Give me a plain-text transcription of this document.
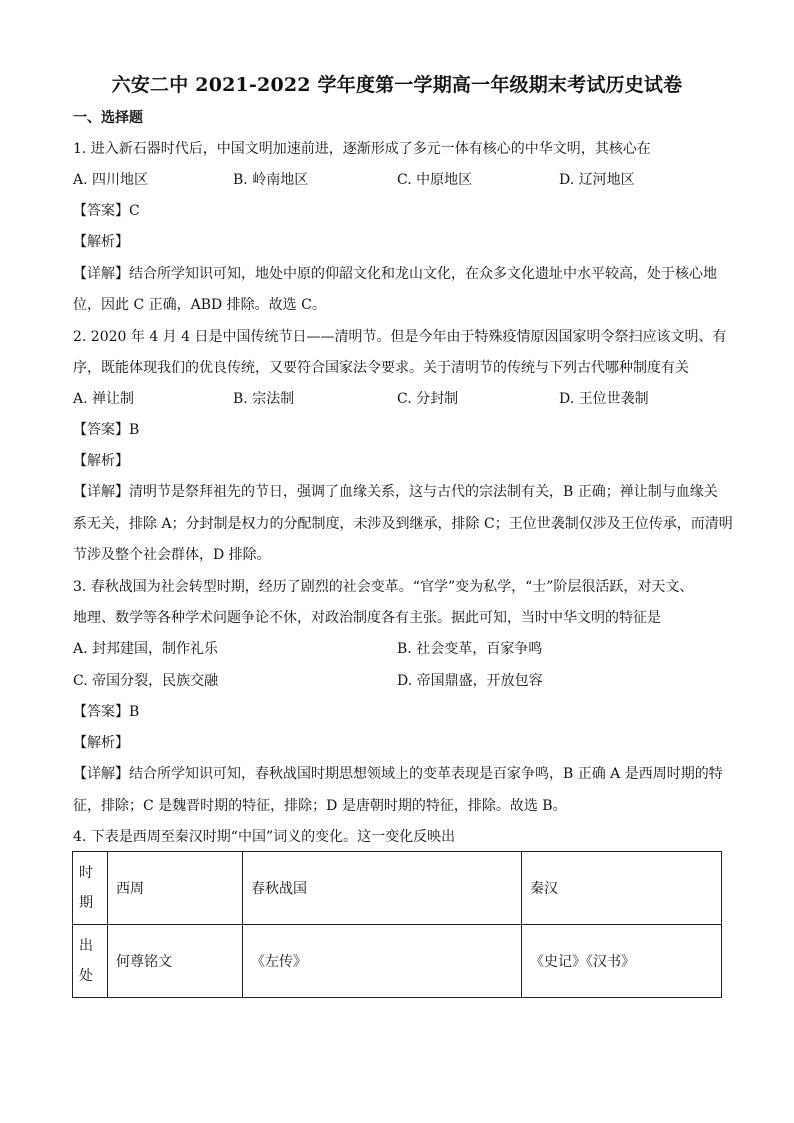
六安二中 2021-2022 学年度第一学期高一年级期末考试历史试卷
一、选择题
1. 进入新石器时代后，中国文明加速前进，逐渐形成了多元一体有核心的中华文明，其核心在
A. 四川地区	B. 岭南地区	C. 中原地区	D. 辽河地区
【答案】C
【解析】
【详解】结合所学知识可知，地处中原的仰韶文化和龙山文化，在众多文化遗址中水平较高，处于核心地
位，因此 C 正确，ABD 排除。故选 C。
2. 2020 年 4 月 4 日是中国传统节日——清明节。但是今年由于特殊疫情原因国家明令祭扫应该文明、有
序，既能体现我们的优良传统，又要符合国家法令要求。关于清明节的传统与下列古代哪种制度有关
A. 禅让制	B. 宗法制	C. 分封制	D. 王位世袭制
【答案】B
【解析】
【详解】清明节是祭拜祖先的节日，强调了血缘关系，这与古代的宗法制有关，B 正确；禅让制与血缘关
系无关，排除 A；分封制是权力的分配制度，未涉及到继承，排除 C；王位世袭制仅涉及王位传承，而清明
节涉及整个社会群体，D 排除。
3. 春秋战国为社会转型时期，经历了剧烈的社会变革。“官学”变为私学，“士”阶层很活跃，对天文、
地理、数学等各种学术问题争论不休，对政治制度各有主张。据此可知，当时中华文明的特征是
A. 封邦建国，制作礼乐	B. 社会变革，百家争鸣
C. 帝国分裂，民族交融	D. 帝国鼎盛，开放包容
【答案】B
【解析】
【详解】结合所学知识可知，春秋战国时期思想领域上的变革表现是百家争鸣，B 正确 A 是西周时期的特
征，排除；C 是魏晋时期的特征，排除；D 是唐朝时期的特征，排除。故选 B。
4. 下表是西周至秦汉时期“中国”词义的变化。这一变化反映出
时期	西周	春秋战国	秦汉
出处	何尊铭文	《左传》	《史记》《汉书》
